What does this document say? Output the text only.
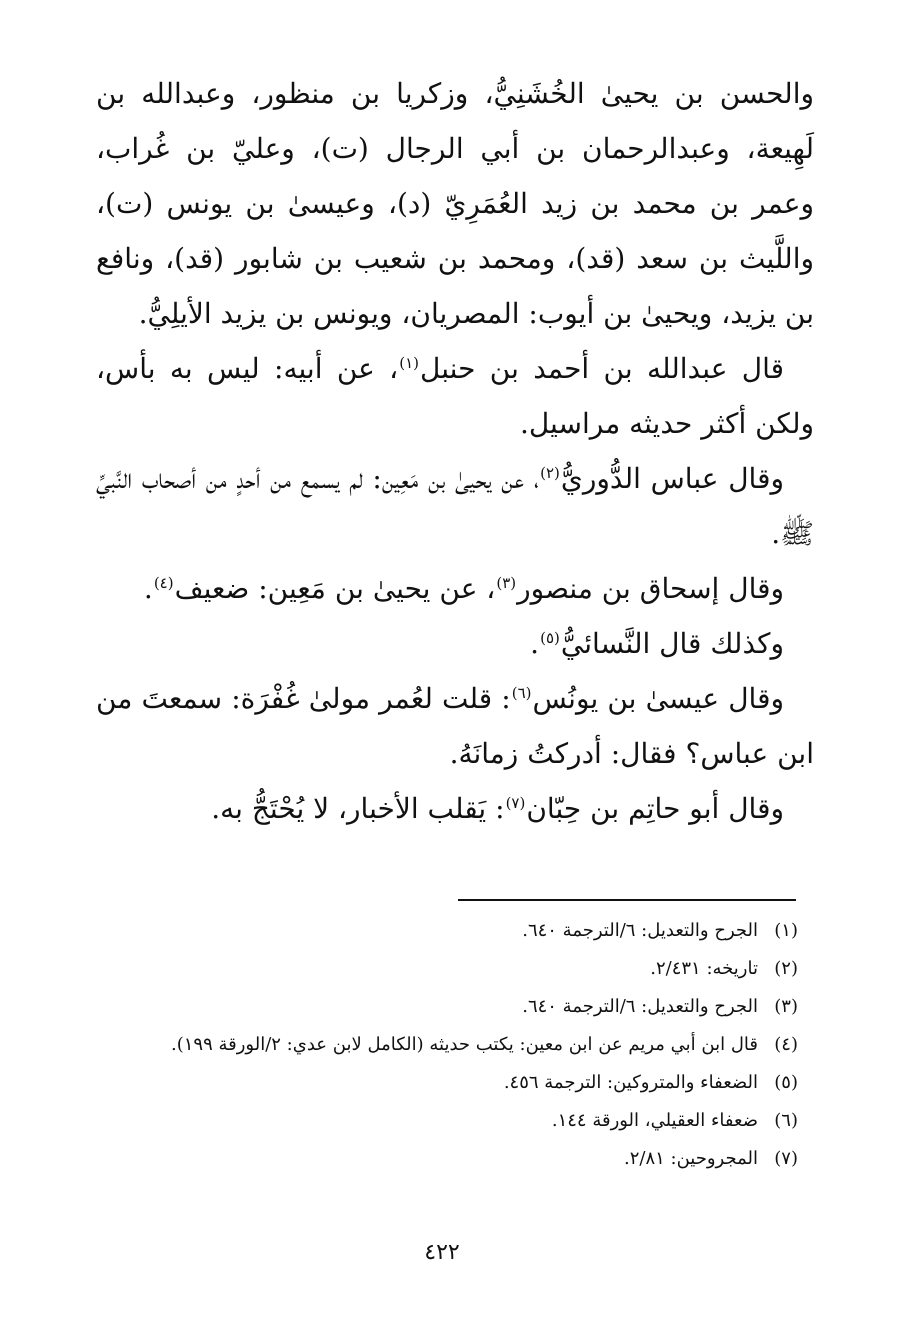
والحسن بن يحيىٰ الخُشَنِيُّ، وزكريا بن منظور، وعبدالله بن لَهِيعة، وعبدالرحمان بن أبي الرجال (ت)، وعليّ بن غُراب، وعمر بن محمد بن زيد العُمَرِيّ (د)، وعيسىٰ بن يونس (ت)، واللَّيث بن سعد (قد)، ومحمد بن شعيب بن شابور (قد)، ونافع بن يزيد، ويحيىٰ بن أيوب: المصريان، ويونس بن يزيد الأيلِيُّ.

قال عبدالله بن أحمد بن حنبل$^{(١)}$، عن أبيه: ليس به بأس، ولكن أكثر حديثه مراسيل.

وقال عباس الدُّوريُّ$^{(٢)}$، عن يحيىٰ بن مَعِين: لم يسمع من أحدٍ من أصحاب النَّبيِّ ﷺ.

وقال إسحاق بن منصور$^{(٣)}$، عن يحيىٰ بن مَعِين: ضعيف$^{(٤)}$.

وكذلك قال النَّسائيُّ$^{(٥)}$.

وقال عيسىٰ بن يونُس$^{(٦)}$: قلت لعُمر مولىٰ غُفْرَة: سمعتَ من ابن عباس؟ فقال: أدركتُ زمانَهُ.

وقال أبو حاتِم بن حِبّان$^{(٧)}$: يَقلب الأخبار، لا يُحْتَجُّ به.

(١)
الجرح والتعديل: ٦/الترجمة ٦٤٠.
(٢)
تاريخه: ٢/٤٣١.
(٣)
الجرح والتعديل: ٦/الترجمة ٦٤٠.
(٤)
قال ابن أبي مريم عن ابن معين: يكتب حديثه (الكامل لابن عدي: ٢/الورقة ١٩٩).
(٥)
الضعفاء والمتروكين: الترجمة ٤٥٦.
(٦)
ضعفاء العقيلي، الورقة ١٤٤.
(٧)
المجروحين: ٢/٨١.
٤٢٢
